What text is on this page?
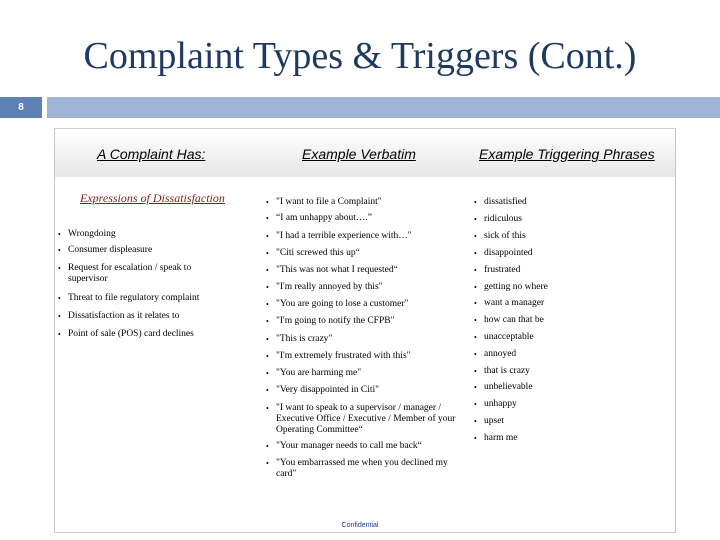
Complaint Types & Triggers (Cont.)
8
A Complaint Has:	Example Verbatim	Example Triggering Phrases
Expressions of Dissatisfaction
• Wrongdoing
• Consumer displeasure
• Request for escalation / speak to supervisor
• Threat to file regulatory complaint
• Dissatisfaction as it relates to
• Point of sale (POS) card declines
• "I want to file a Complaint"
• “I am unhappy about….”
• "I had a terrible experience with…"
• "Citi screwed this up“
• "This was not what I requested“
• "I'm really annoyed by this"
• "You are going to lose a customer"
• "I'm going to notify the CFPB"
• "This is crazy"
• "I'm extremely frustrated with this"
• "You are harming me"
• "Very disappointed in Citi"
• "I want to speak to a supervisor / manager / Executive Office / Executive / Member of your Operating Committee“
• "Your manager needs to call me back“
• "You embarrassed me when you declined my card"
• dissatisfied
• ridiculous
• sick of this
• disappointed
• frustrated
• getting no where
• want a manager
• how can that be
• unacceptable
• annoyed
• that is crazy
• unbelievable
• unhappy
• upset
• harm me
Confidential
